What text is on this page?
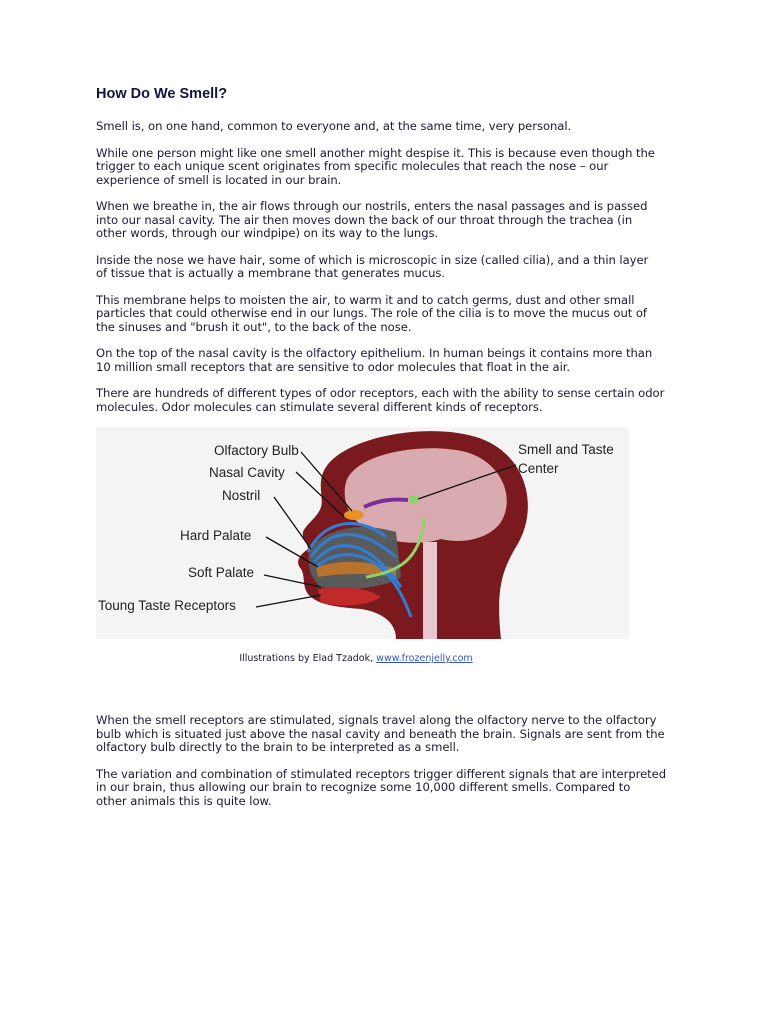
How Do We Smell?
Smell is, on one hand, common to everyone and, at the same time, very personal.
While one person might like one smell another might despise it. This is because even though the
trigger to each unique scent originates from specific molecules that reach the nose – our
experience of smell is located in our brain.
When we breathe in, the air flows through our nostrils, enters the nasal passages and is passed
into our nasal cavity. The air then moves down the back of our throat through the trachea (in
other words, through our windpipe) on its way to the lungs.
Inside the nose we have hair, some of which is microscopic in size (called cilia), and a thin layer
of tissue that is actually a membrane that generates mucus.
This membrane helps to moisten the air, to warm it and to catch germs, dust and other small
particles that could otherwise end in our lungs. The role of the cilia is to move the mucus out of
the sinuses and "brush it out", to the back of the nose.
On the top of the nasal cavity is the olfactory epithelium. In human beings it contains more than
10 million small receptors that are sensitive to odor molecules that float in the air.
There are hundreds of different types of odor receptors, each with the ability to sense certain odor
molecules. Odor molecules can stimulate several different kinds of receptors.
Olfactory Bulb
Nasal Cavity
Nostril
Hard Palate
Soft Palate
Toung Taste Receptors
Smell and Taste
Center
Illustrations by Elad Tzadok, www.frozenjelly.com
When the smell receptors are stimulated, signals travel along the olfactory nerve to the olfactory
bulb which is situated just above the nasal cavity and beneath the brain. Signals are sent from the
olfactory bulb directly to the brain to be interpreted as a smell.
The variation and combination of stimulated receptors trigger different signals that are interpreted
in our brain, thus allowing our brain to recognize some 10,000 different smells. Compared to
other animals this is quite low.
